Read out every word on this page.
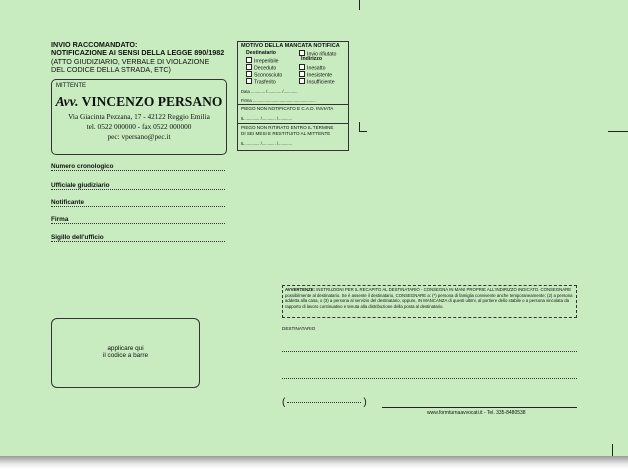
INVIO RACCOMANDATO:
NOTIFICAZIONE AI SENSI DELLA LEGGE 890/1982
(ATTO GIUDIZIARIO, VERBALE DI VIOLAZIONE
DEL CODICE DELLA STRADA, ETC)
MITTENTE
Avv. VINCENZO PERSANO
Via Giacinta Pezzana, 17 - 42122 Reggio Emilia
tel. 0522 000000 - fax 0522 000000
pec: vpersano@pec.it
Numero cronologico
Ufficiale giudiziario
Notificante
Firma
Sigillo dell'ufficio
MOTIVO DELLA MANCATA NOTIFICA
Destinatario	Invio rifiutato
Indirizzo
Irreperibile
Deceduto
Sconosciuto
Trasferito
Inesatto
Inesistente
Insufficiente
Data ............ /............ /............
Firma ......................................................
PIEGO NON NOTIFICATO E C.A.D. INVIATA
IL ............ /............ /............
PIEGO NON RITIRATO ENTRO IL TERMINE
DI SEI MESI E RESTITUITO AL MITTENTE
IL ............ /............ /............
applicare qui
il codice a barre
AVVERTENZE: INSTRUZIONI PER IL RECAPITO AL DESTINATARIO - CONSEGNA IN MANI PROPRIE ALL'INDIRIZZO INDICATO. CONSEGNARE possibilmente al destinatario. Se è assente il destinatario, CONSEGNARE a: (*) persona di famiglia convivente anche temporaneamente; (2) a persona addetta alla casa, o (3) a persona al servizio del destinatario, oppure, IN MANCANZA di questi ultimi, al portiere dello stabile o a persona vincolata da rapporto di lavoro continuativo e tenuta alla distribuzione della posta al destinatario.
DESTINATARIO
(	)
www.formturnaavvocati.it - Tel. 335-8480538
